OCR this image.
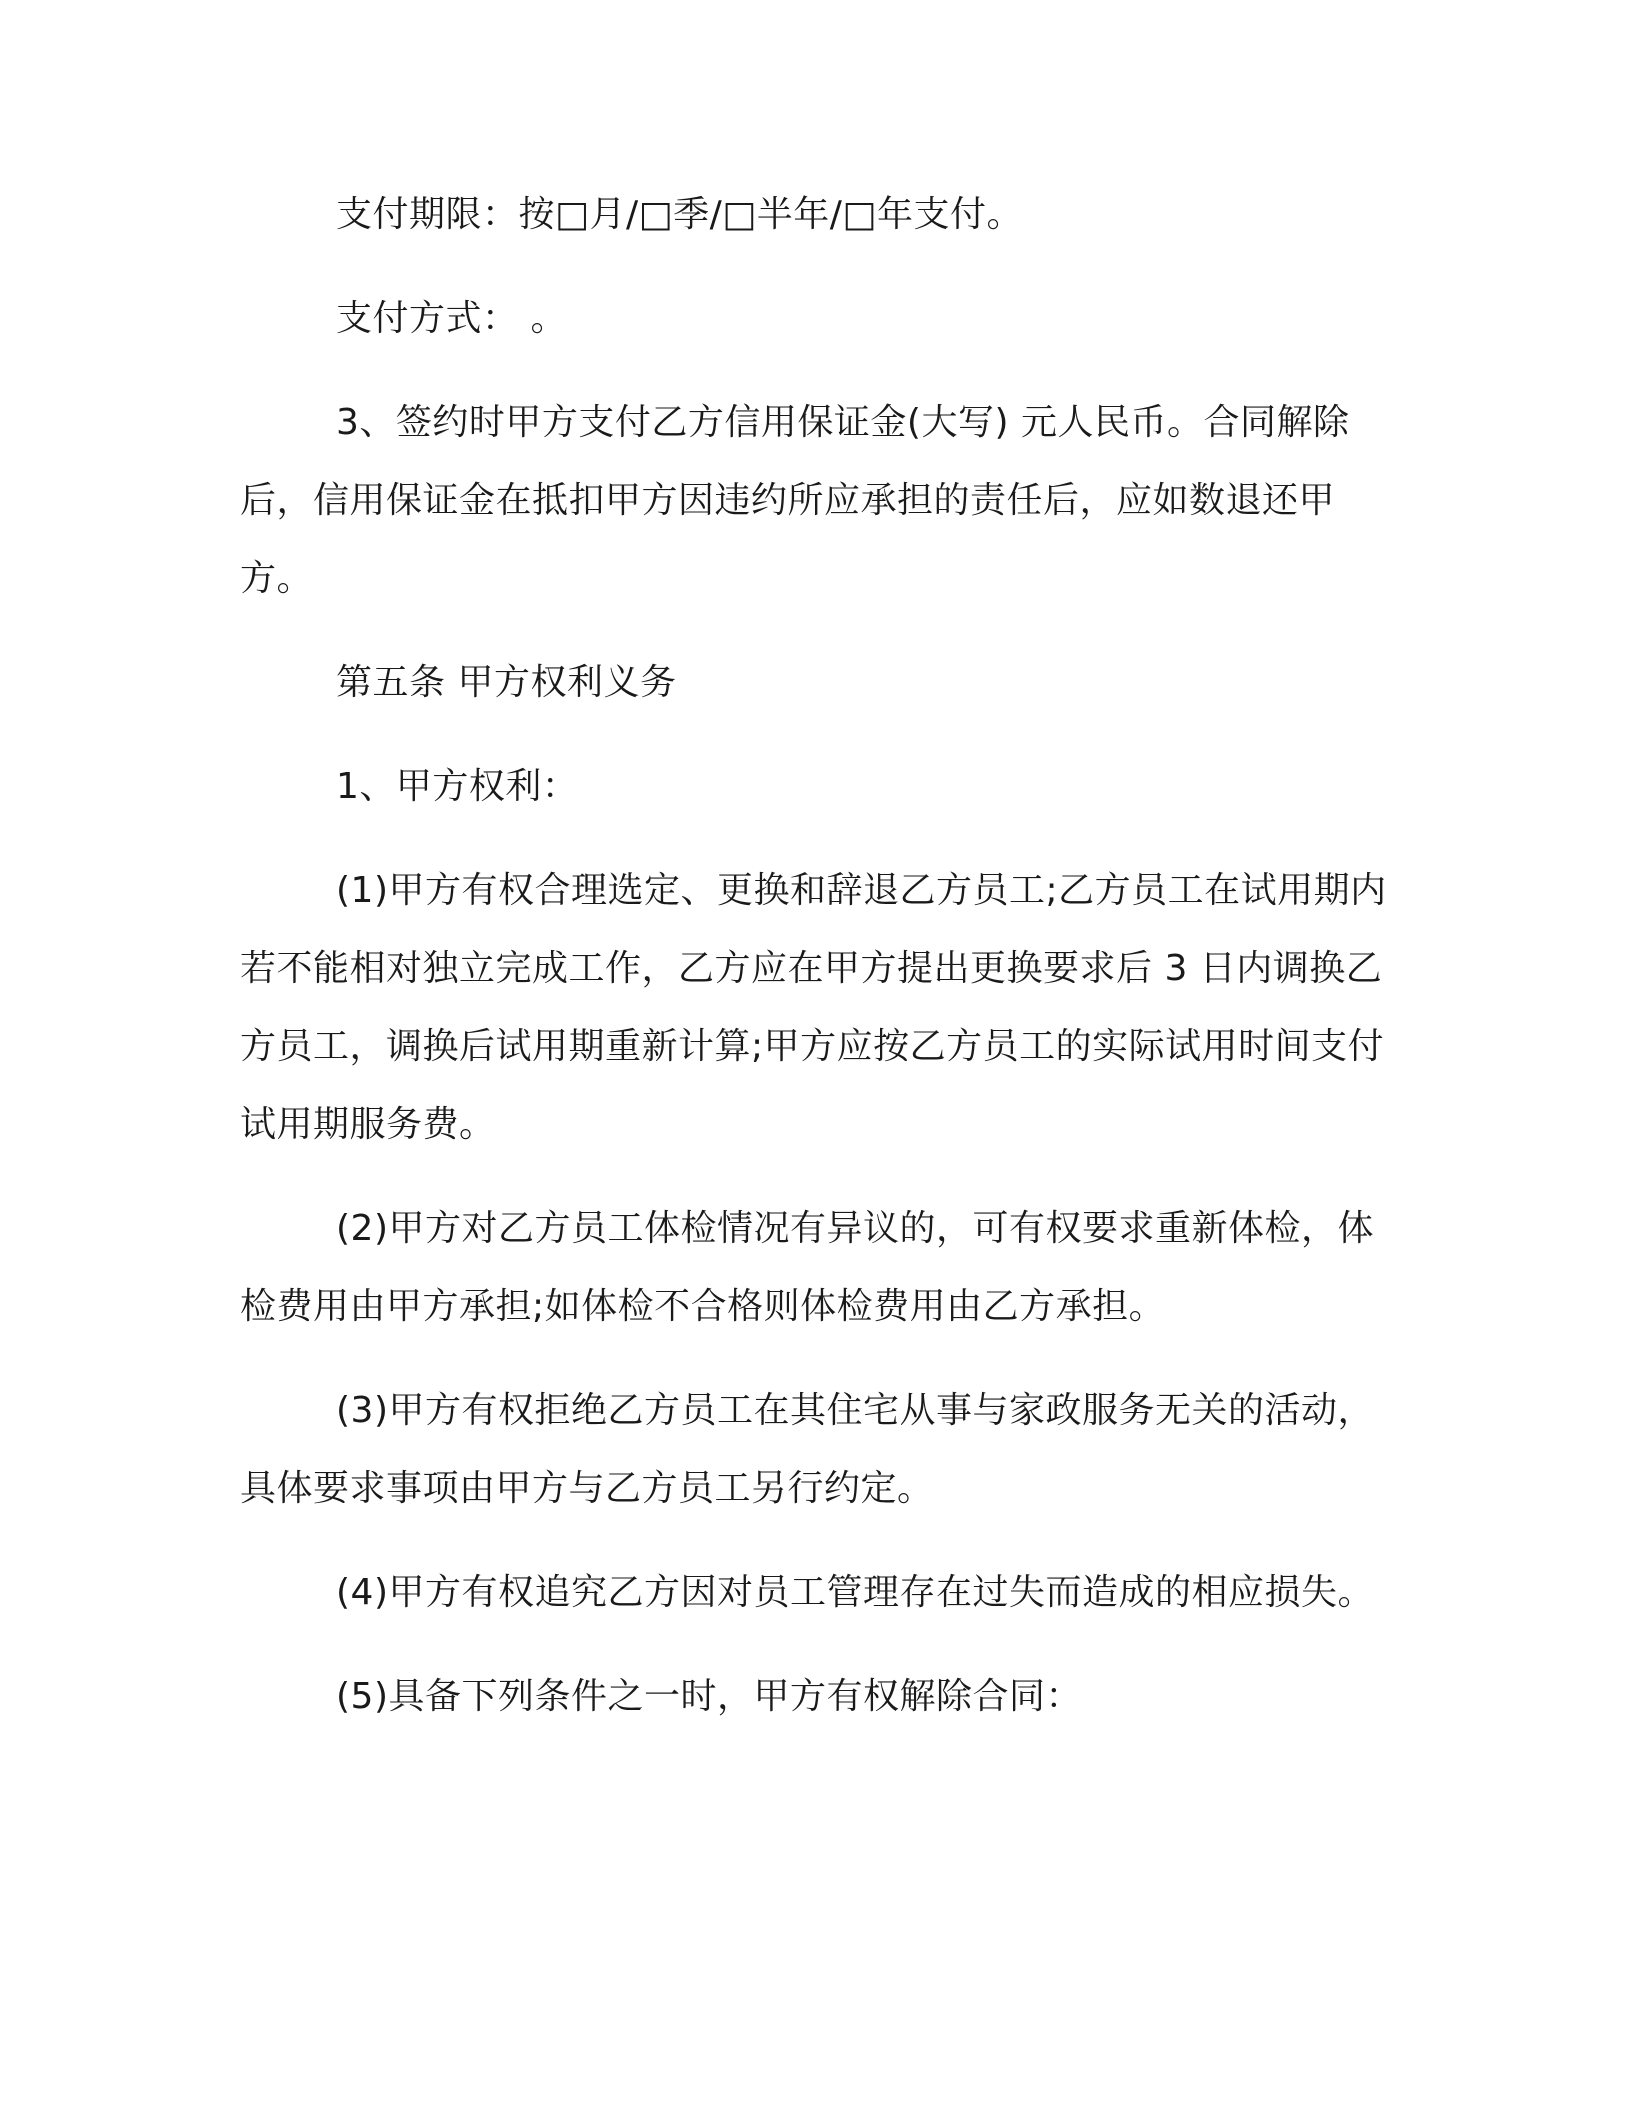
支付期限：按□月/□季/□半年/□年支付。

支付方式： 。

3、签约时甲方支付乙方信用保证金(大写) 元人民币。合同解除后，信用保证金在抵扣甲方因违约所应承担的责任后，应如数退还甲方。

第五条 甲方权利义务

1、甲方权利：

(1)甲方有权合理选定、更换和辞退乙方员工;乙方员工在试用期内若不能相对独立完成工作，乙方应在甲方提出更换要求后 3 日内调换乙方员工，调换后试用期重新计算;甲方应按乙方员工的实际试用时间支付试用期服务费。

(2)甲方对乙方员工体检情况有异议的，可有权要求重新体检，体检费用由甲方承担;如体检不合格则体检费用由乙方承担。

(3)甲方有权拒绝乙方员工在其住宅从事与家政服务无关的活动，具体要求事项由甲方与乙方员工另行约定。

(4)甲方有权追究乙方因对员工管理存在过失而造成的相应损失。

(5)具备下列条件之一时，甲方有权解除合同：
